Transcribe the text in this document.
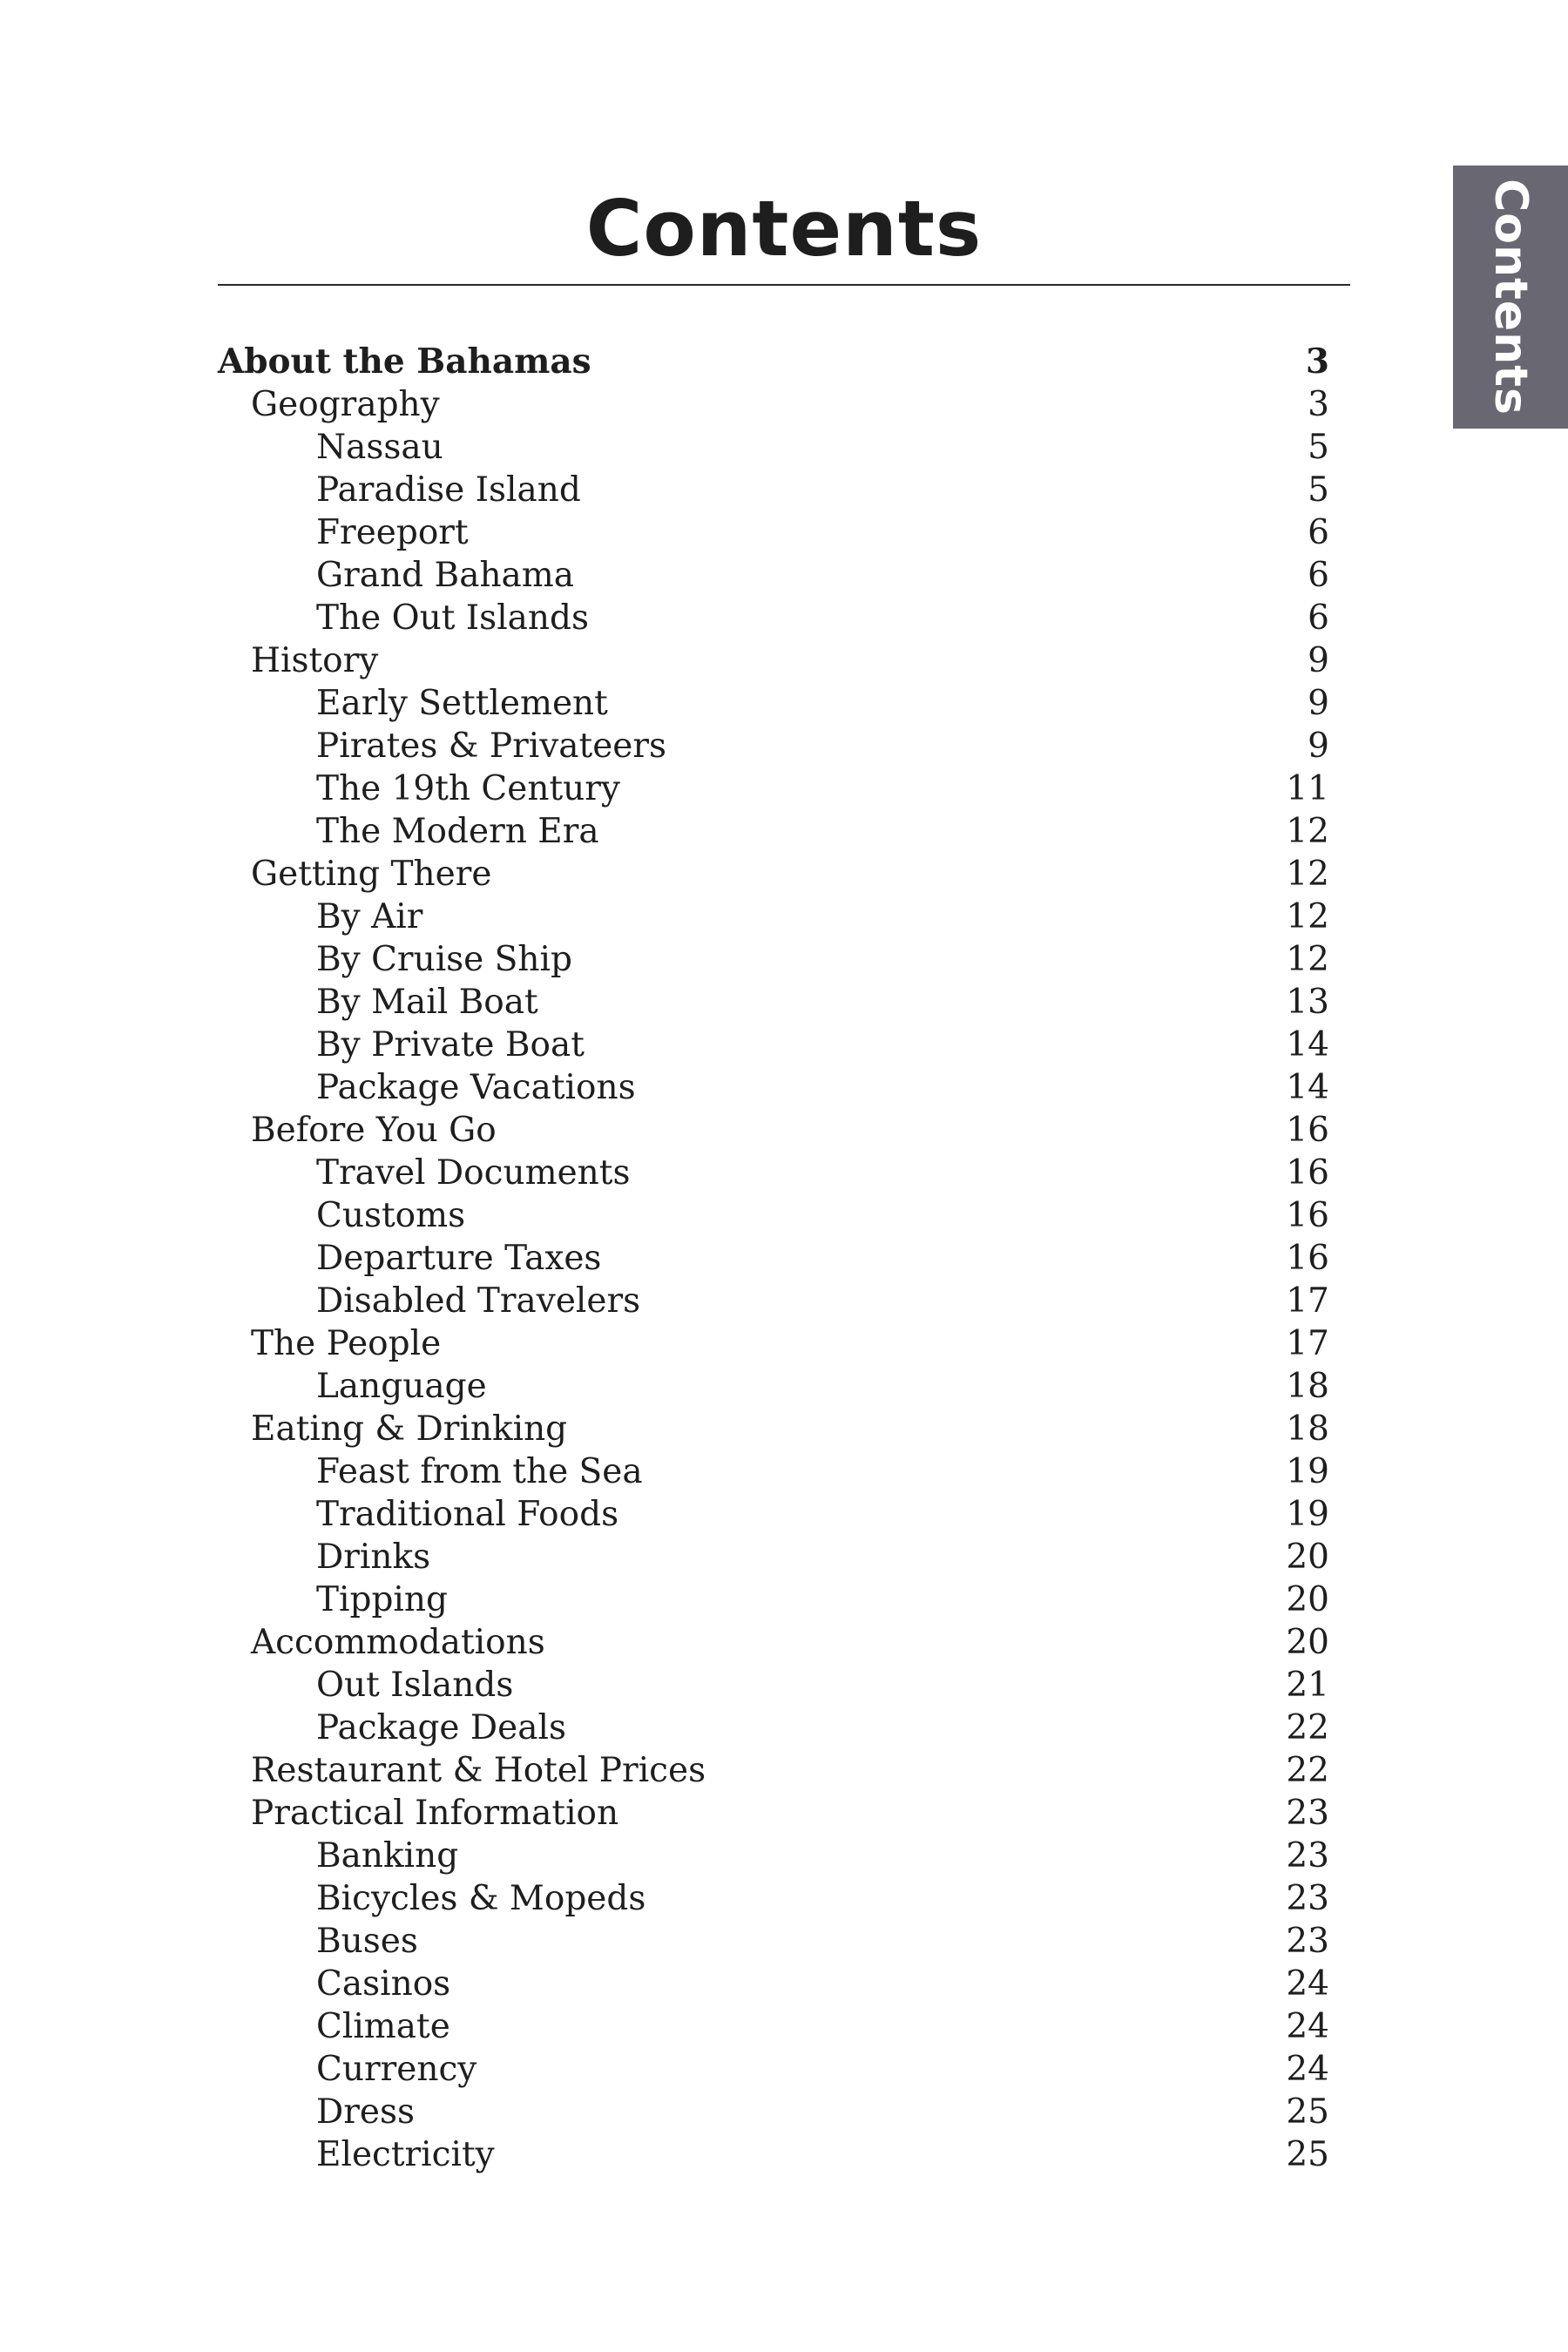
Contents	Contents
About the Bahamas	3
Geography	3
Nassau	5
Paradise Island	5
Freeport	6
Grand Bahama	6
The Out Islands	6
History	9
Early Settlement	9
Pirates & Privateers	9
The 19th Century	11
The Modern Era	12
Getting There	12
By Air	12
By Cruise Ship	12
By Mail Boat	13
By Private Boat	14
Package Vacations	14
Before You Go	16
Travel Documents	16
Customs	16
Departure Taxes	16
Disabled Travelers	17
The People	17
Language	18
Eating & Drinking	18
Feast from the Sea	19
Traditional Foods	19
Drinks	20
Tipping	20
Accommodations	20
Out Islands	21
Package Deals	22
Restaurant & Hotel Prices	22
Practical Information	23
Banking	23
Bicycles & Mopeds	23
Buses	23
Casinos	24
Climate	24
Currency	24
Dress	25
Electricity	25
